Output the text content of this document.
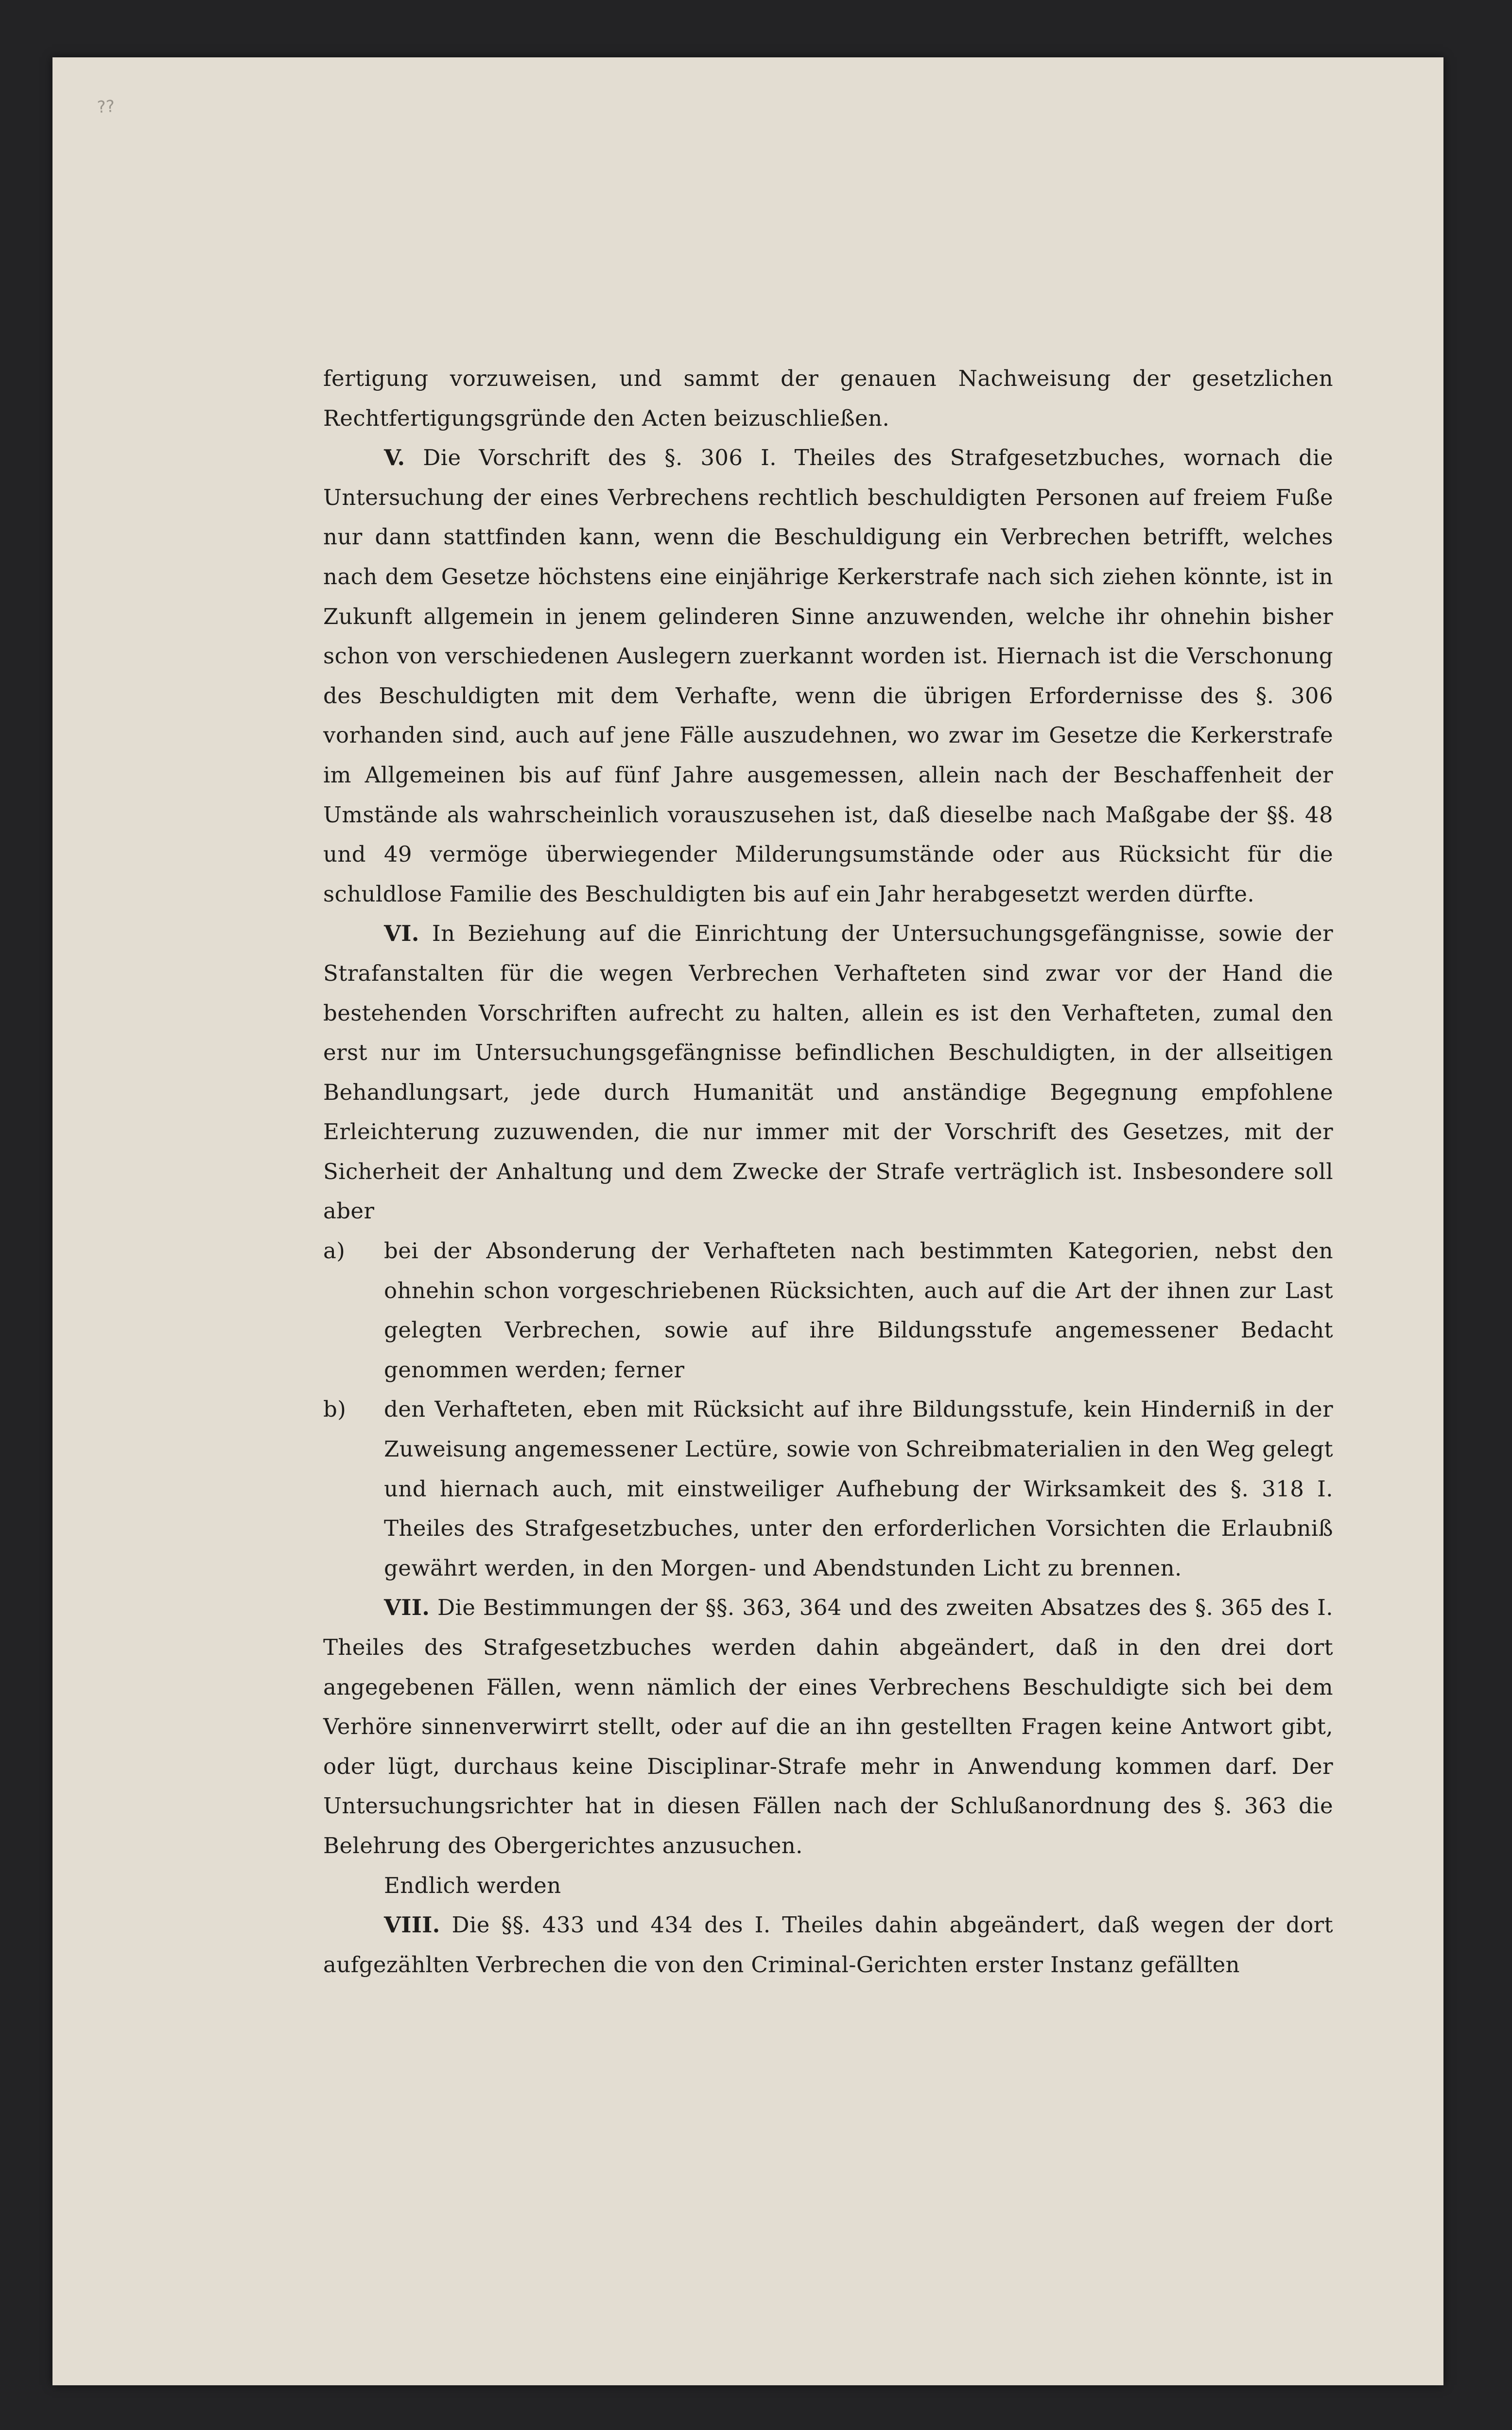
??

fertigung vorzuweisen, und sammt der genauen Nachweisung der gesetzlichen Rechtfertigungsgründe den Acten beizuschließen.

V. Die Vorschrift des §. 306 I. Theiles des Strafgesetzbuches, wornach die Untersuchung der eines Verbrechens rechtlich beschuldigten Personen auf freiem Fuße nur dann stattfinden kann, wenn die Beschuldigung ein Verbrechen betrifft, welches nach dem Gesetze höchstens eine einjährige Kerkerstrafe nach sich ziehen könnte, ist in Zukunft allgemein in jenem gelinderen Sinne anzuwenden, welche ihr ohnehin bisher schon von verschiedenen Auslegern zuerkannt worden ist. Hiernach ist die Verschonung des Beschuldigten mit dem Verhafte, wenn die übrigen Erfordernisse des §. 306 vorhanden sind, auch auf jene Fälle auszudehnen, wo zwar im Gesetze die Kerkerstrafe im Allgemeinen bis auf fünf Jahre ausgemessen, allein nach der Beschaffenheit der Umstände als wahrscheinlich vorauszusehen ist, daß dieselbe nach Maßgabe der §§. 48 und 49 vermöge überwiegender Milderungsumstände oder aus Rücksicht für die schuldlose Familie des Beschuldigten bis auf ein Jahr herabgesetzt werden dürfte.

VI. In Beziehung auf die Einrichtung der Untersuchungsgefängnisse, sowie der Strafanstalten für die wegen Verbrechen Verhafteten sind zwar vor der Hand die bestehenden Vorschriften aufrecht zu halten, allein es ist den Verhafteten, zumal den erst nur im Untersuchungsgefängnisse befindlichen Beschuldigten, in der allseitigen Behandlungsart, jede durch Humanität und anständige Begegnung empfohlene Erleichterung zuzuwenden, die nur immer mit der Vorschrift des Gesetzes, mit der Sicherheit der Anhaltung und dem Zwecke der Strafe verträglich ist. Insbesondere soll aber

a)	bei der Absonderung der Verhafteten nach bestimmten Kategorien, nebst den ohnehin schon vorgeschriebenen Rücksichten, auch auf die Art der ihnen zur Last gelegten Verbrechen, sowie auf ihre Bildungsstufe angemessener Bedacht genommen werden; ferner
b)	den Verhafteten, eben mit Rücksicht auf ihre Bildungsstufe, kein Hinderniß in der Zuweisung angemessener Lectüre, sowie von Schreibmaterialien in den Weg gelegt und hiernach auch, mit einstweiliger Aufhebung der Wirksamkeit des §. 318 I. Theiles des Strafgesetzbuches, unter den erforderlichen Vorsichten die Erlaubniß gewährt werden, in den Morgen- und Abendstunden Licht zu brennen.

VII. Die Bestimmungen der §§. 363, 364 und des zweiten Absatzes des §. 365 des I. Theiles des Strafgesetzbuches werden dahin abgeändert, daß in den drei dort angegebenen Fällen, wenn nämlich der eines Verbrechens Beschuldigte sich bei dem Verhöre sinnenverwirrt stellt, oder auf die an ihn gestellten Fragen keine Antwort gibt, oder lügt, durchaus keine Disciplinar-Strafe mehr in Anwendung kommen darf. Der Untersuchungsrichter hat in diesen Fällen nach der Schlußanordnung des §. 363 die Belehrung des Obergerichtes anzusuchen.

Endlich werden

VIII. Die §§. 433 und 434 des I. Theiles dahin abgeändert, daß wegen der dort aufgezählten Verbrechen die von den Criminal-Gerichten erster Instanz gefällten
